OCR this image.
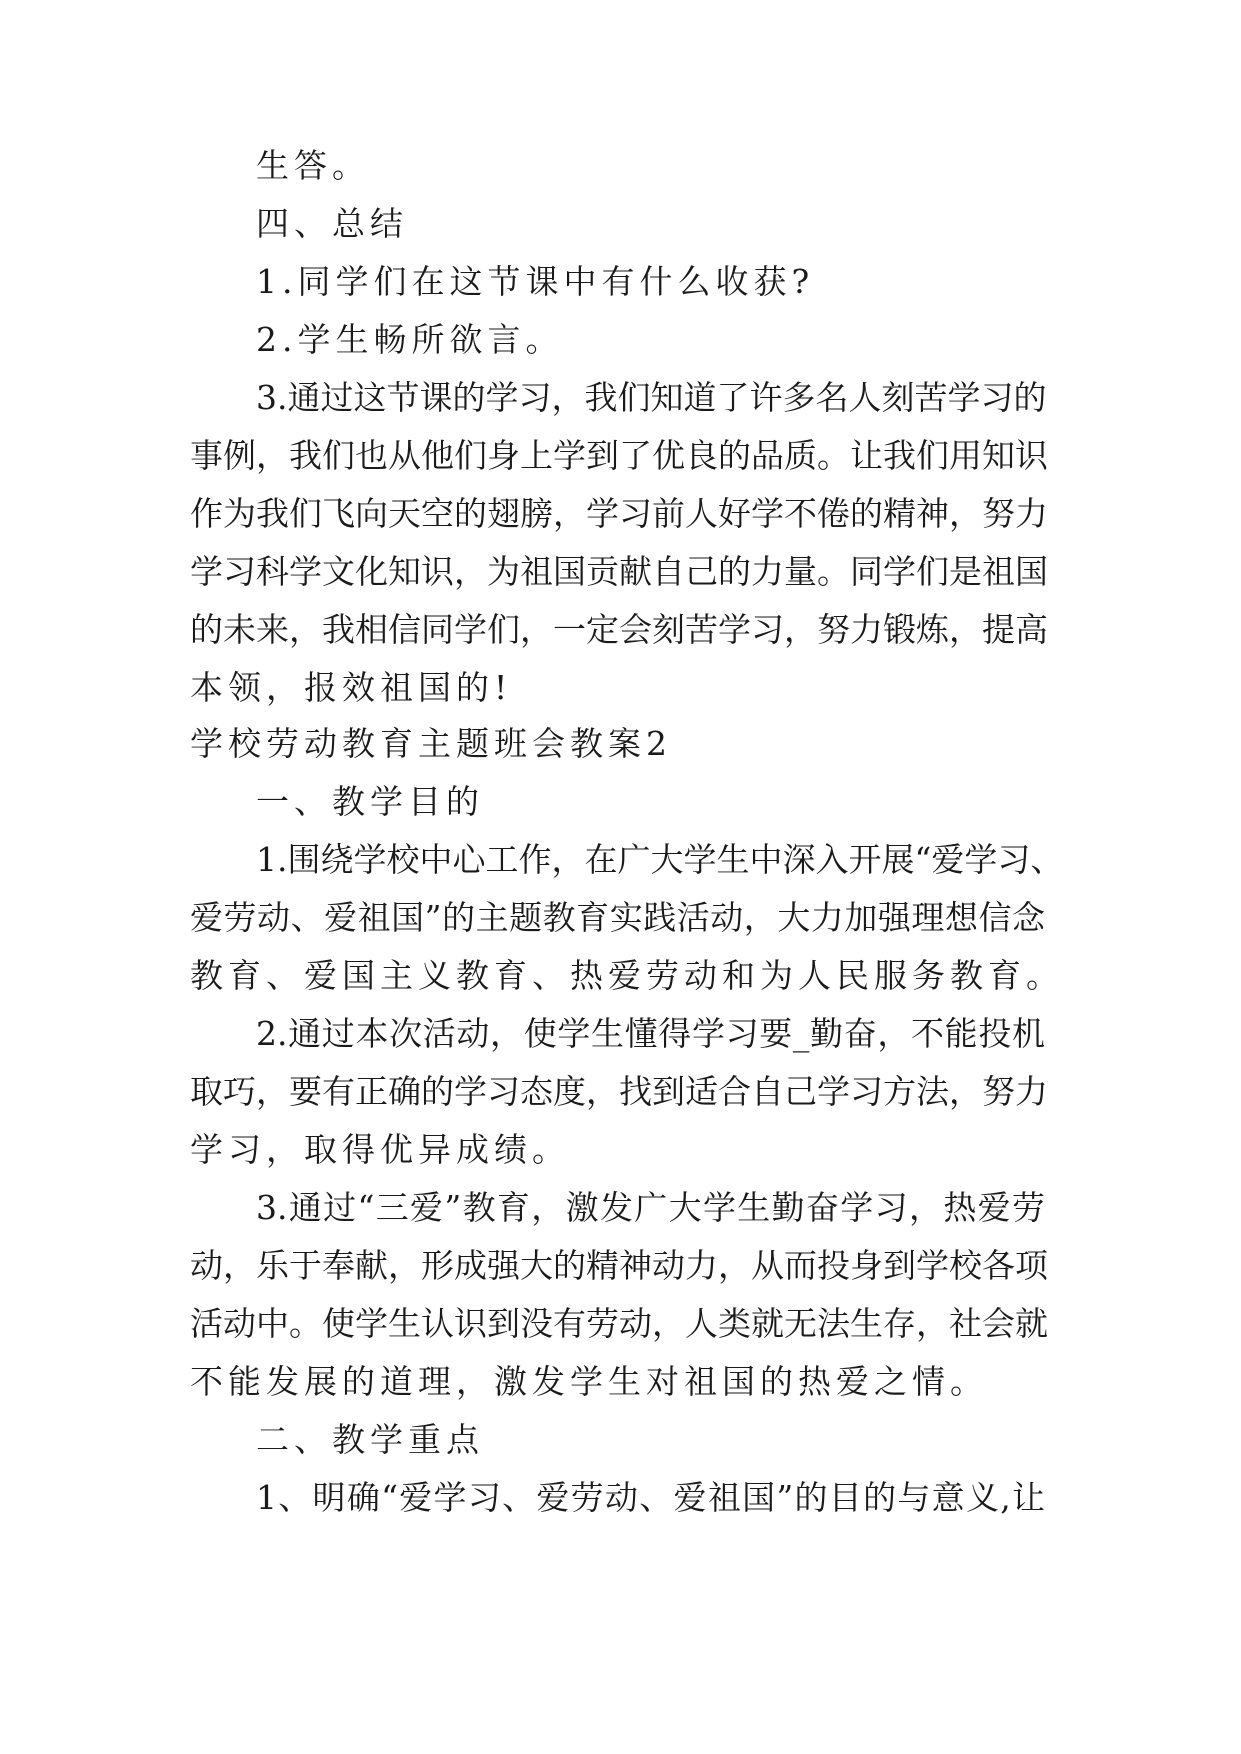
生答。
四、总结
1.同学们在这节课中有什么收获?
2.学生畅所欲言。
3.通过这节课的学习，我们知道了许多名人刻苦学习的
事例，我们也从他们身上学到了优良的品质。让我们用知识
作为我们飞向天空的翅膀，学习前人好学不倦的精神，努力
学习科学文化知识，为祖国贡献自己的力量。同学们是祖国
的未来，我相信同学们，一定会刻苦学习，努力锻炼，提高
本领，报效祖国的!
学校劳动教育主题班会教案2
一、教学目的
1.围绕学校中心工作，在广大学生中深入开展“爱学习、
爱劳动、爱祖国”的主题教育实践活动，大力加强理想信念
教育、爱国主义教育、热爱劳动和为人民服务教育。
2.通过本次活动，使学生懂得学习要_勤奋，不能投机
取巧，要有正确的学习态度，找到适合自己学习方法，努力
学习，取得优异成绩。
3.通过“三爱”教育，激发广大学生勤奋学习，热爱劳
动，乐于奉献，形成强大的精神动力，从而投身到学校各项
活动中。使学生认识到没有劳动，人类就无法生存，社会就
不能发展的道理，激发学生对祖国的热爱之情。
二、教学重点
1、明确“爱学习、爱劳动、爱祖国”的目的与意义,让
